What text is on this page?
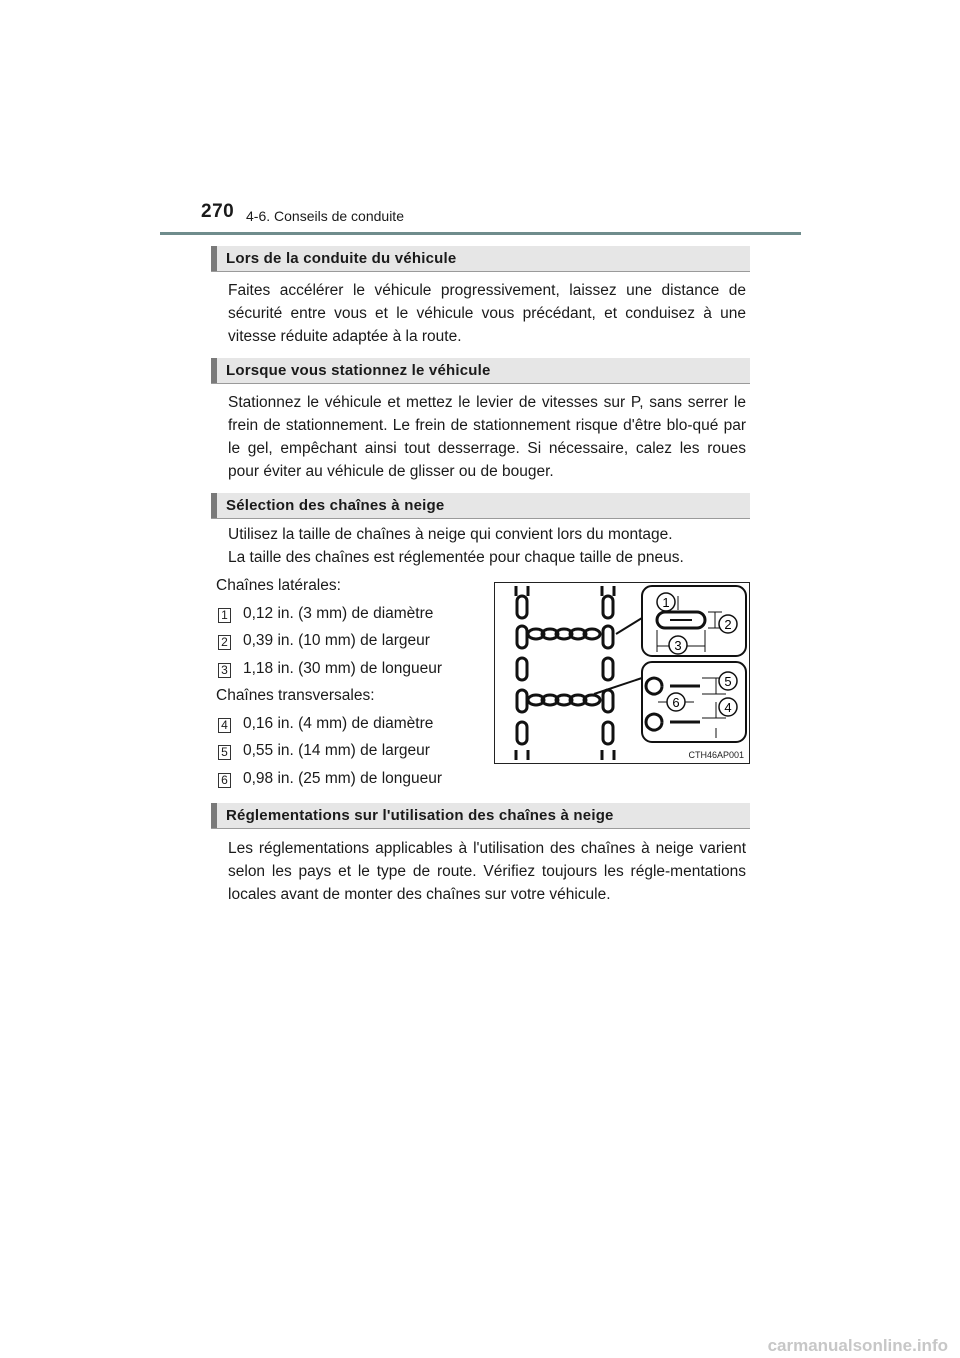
270 4-6. Conseils de conduite
Lors de la conduite du véhicule

Faites accélérer le véhicule progressivement, laissez une distance de sécurité entre vous et le véhicule vous précédant, et conduisez à une vitesse réduite adaptée à la route.

Lorsque vous stationnez le véhicule

Stationnez le véhicule et mettez le levier de vitesses sur P, sans serrer le frein de stationnement. Le frein de stationnement risque d'être blo-qué par le gel, empêchant ainsi tout desserrage. Si nécessaire, calez les roues pour éviter au véhicule de glisser ou de bouger.

Sélection des chaînes à neige
Utilisez la taille de chaînes à neige qui convient lors du montage.
La taille des chaînes est réglementée pour chaque taille de pneus.
Chaînes latérales:
1 0,12 in. (3 mm) de diamètre
2 0,39 in. (10 mm) de largeur
3 1,18 in. (30 mm) de longueur
Chaînes transversales:
4 0,16 in. (4 mm) de diamètre
5 0,55 in. (14 mm) de largeur
6 0,98 in. (25 mm) de longueur
1
2
3
4
5
6
CTH46AP001
Réglementations sur l'utilisation des chaînes à neige

Les réglementations applicables à l'utilisation des chaînes à neige varient selon les pays et le type de route. Vérifiez toujours les régle-mentations locales avant de monter des chaînes sur votre véhicule.

carmanualsonline.info
